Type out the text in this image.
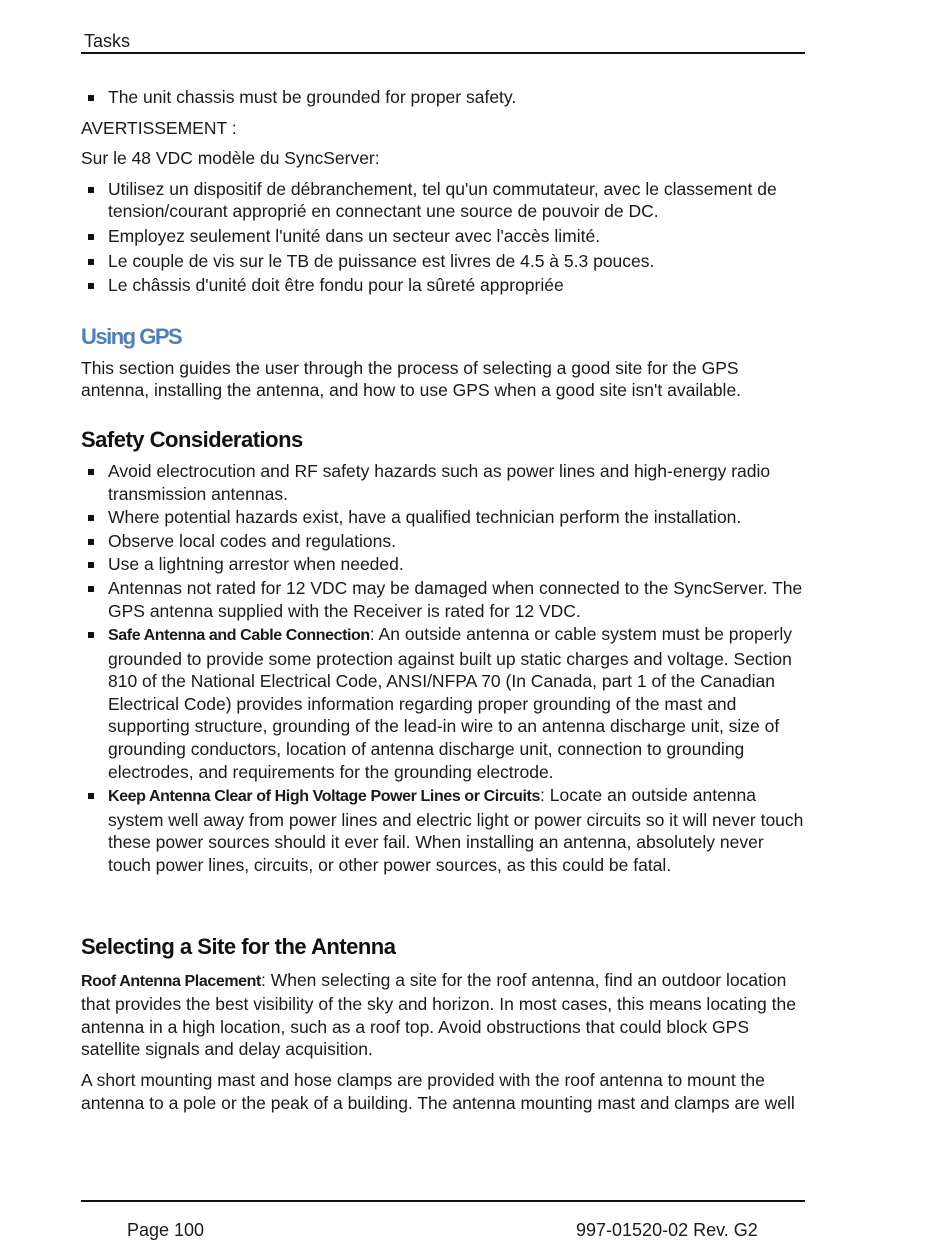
Tasks
The unit chassis must be grounded for proper safety.

AVERTISSEMENT :

Sur le 48 VDC modèle du SyncServer:

Utilisez un dispositif de débranchement, tel qu'un commutateur, avec le classement de tension/courant approprié en connectant une source de pouvoir de DC.
Employez seulement l'unité dans un secteur avec l'accès limité.
Le couple de vis sur le TB de puissance est livres de 4.5 à 5.3 pouces.
Le châssis d'unité doit être fondu pour la sûreté appropriée
Using GPS

This section guides the user through the process of selecting a good site for the GPS antenna, installing the antenna, and how to use GPS when a good site isn't available.

Safety Considerations
Avoid electrocution and RF safety hazards such as power lines and high-energy radio transmission antennas.
Where potential hazards exist, have a qualified technician perform the installation.
Observe local codes and regulations.
Use a lightning arrestor when needed.
Antennas not rated for 12 VDC may be damaged when connected to the SyncServer. The GPS antenna supplied with the Receiver is rated for 12 VDC.
Safe Antenna and Cable Connection: An outside antenna or cable system must be properly grounded to provide some protection against built up static charges and voltage. Section 810 of the National Electrical Code, ANSI/NFPA 70 (In Canada, part 1 of the Canadian Electrical Code) provides information regarding proper grounding of the mast and supporting structure, grounding of the lead-in wire to an antenna discharge unit, size of grounding conductors, location of antenna discharge unit, connection to grounding electrodes, and requirements for the grounding electrode.
Keep Antenna Clear of High Voltage Power Lines or Circuits: Locate an outside antenna system well away from power lines and electric light or power circuits so it will never touch these power sources should it ever fail. When installing an antenna, absolutely never touch power lines, circuits, or other power sources, as this could be fatal.
Selecting a Site for the Antenna

Roof Antenna Placement: When selecting a site for the roof antenna, find an outdoor location that provides the best visibility of the sky and horizon. In most cases, this means locating the antenna in a high location, such as a roof top. Avoid obstructions that could block GPS satellite signals and delay acquisition.

A short mounting mast and hose clamps are provided with the roof antenna to mount the antenna to a pole or the peak of a building. The antenna mounting mast and clamps are well

Page 100	997-01520-02 Rev. G2
